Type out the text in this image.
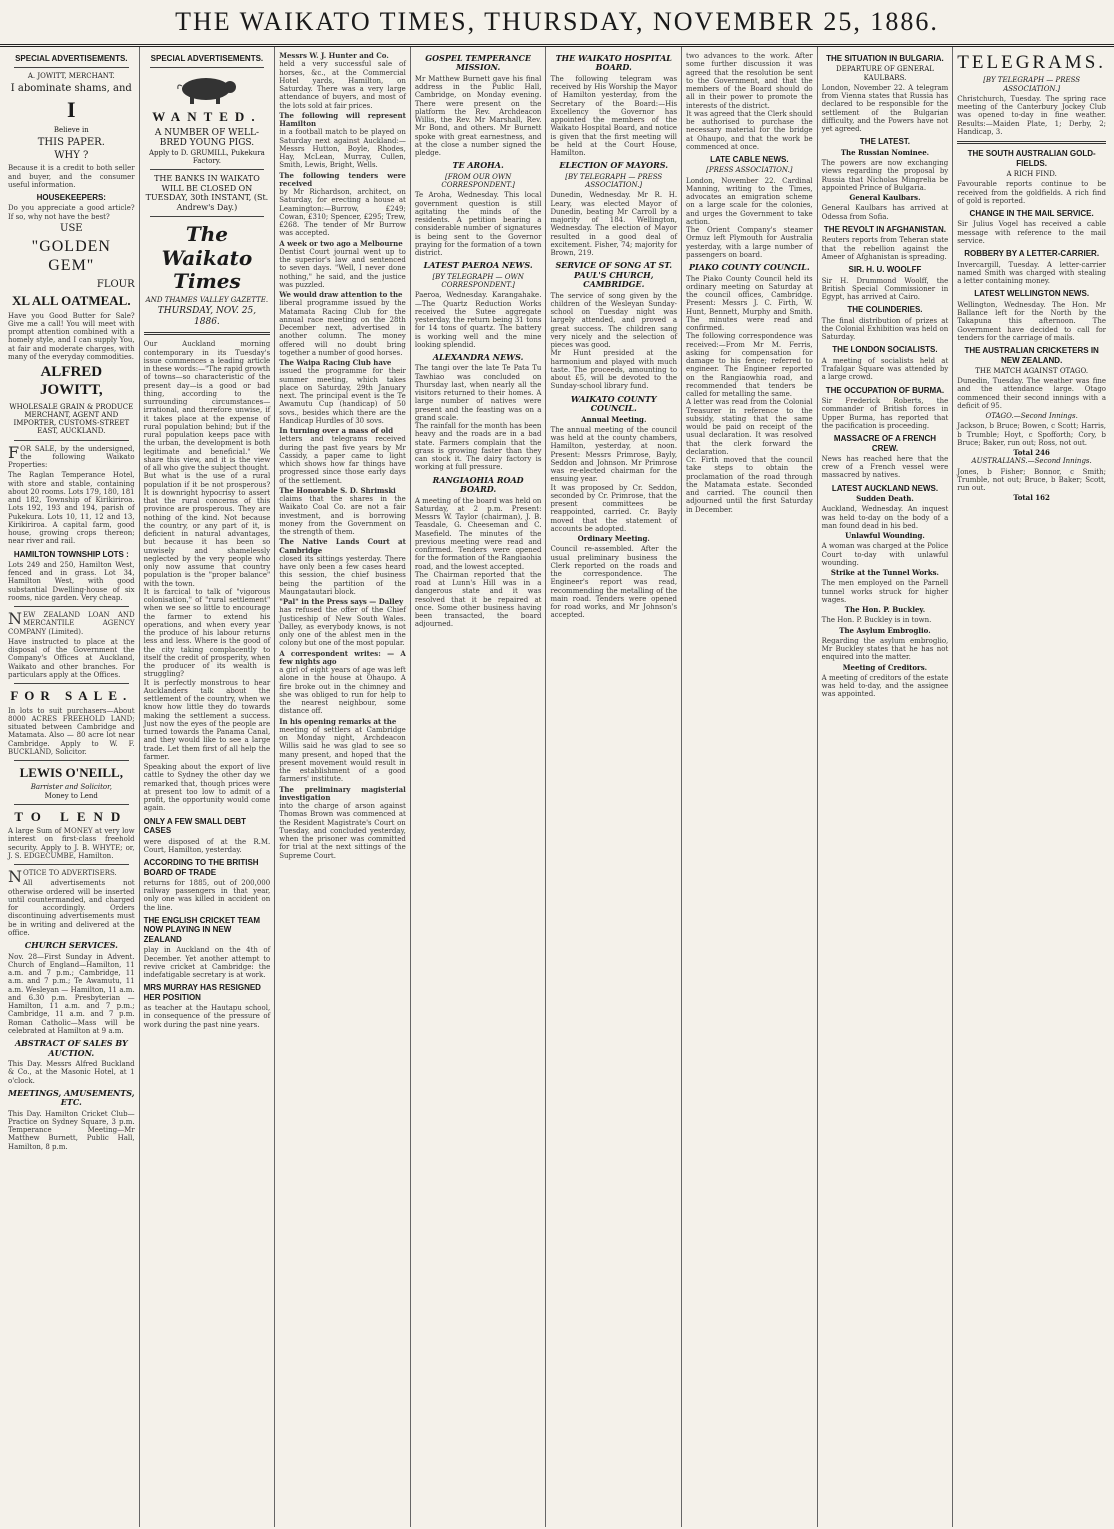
THE WAIKATO TIMES, THURSDAY, NOVEMBER 25, 1886.
SPECIAL ADVERTISEMENTS.
A. JOWITT, MERCHANT.
I abominate shams, and
I
Believe in
THIS PAPER.
WHY ?
Because it is a credit to both seller and buyer, and the consumer useful information.
HOUSEKEEPERS:
Do you appreciate a good article? If so, why not have the best?
USE
"GOLDEN GEM"
FLOUR
XL ALL OATMEAL.
Have you Good Butter for Sale? Give me a call! You will meet with prompt attention combined with a homely style, and I can supply You, at fair and moderate charges, with many of the everyday commodities.
ALFRED JOWITT,
WHOLESALE GRAIN & PRODUCE MERCHANT, AGENT AND IMPORTER, CUSTOMS-STREET EAST, AUCKLAND.
FOR SALE, by the undersigned, the following Waikato Properties:
The Raglan Temperance Hotel, with store and stable, containing about 20 rooms. Lots 179, 180, 181 and 182, Township of Kirikiriroa. Lots 192, 193 and 194, parish of Pukekura. Lots 10, 11, 12 and 13, Kirikiriroa. A capital farm, good house, growing crops thereon; near river and rail.
HAMILTON TOWNSHIP LOTS :
Lots 249 and 250, Hamilton West, fenced and in grass. Lot 34, Hamilton West, with good substantial Dwelling-house of six rooms, nice garden. Very cheap.
NEW ZEALAND LOAN AND MERCANTILE AGENCY COMPANY (Limited).
Have instructed to place at the disposal of the Government the Company's Offices at Auckland, Waikato and other branches. For particulars apply at the Offices.
FOR SALE.
In lots to suit purchasers—About 8000 ACRES FREEHOLD LAND; situated between Cambridge and Matamata. Also — 80 acre lot near Cambridge. Apply to W. F. BUCKLAND, Solicitor.
LEWIS O'NEILL,
Barrister and Solicitor,
Money to Lend
TO LEND
A large Sum of MONEY at very low interest on first-class freehold security. Apply to J. B. WHYTE; or, J. S. EDGECUMBE, Hamilton.
NOTICE TO ADVERTISERS.
All advertisements not otherwise ordered will be inserted until countermanded, and charged for accordingly. Orders discontinuing advertisements must be in writing and delivered at the office.
CHURCH SERVICES.
Nov. 28—First Sunday in Advent. Church of England—Hamilton, 11 a.m. and 7 p.m.; Cambridge, 11 a.m. and 7 p.m.; Te Awamutu, 11 a.m. Wesleyan — Hamilton, 11 a.m. and 6.30 p.m. Presbyterian — Hamilton, 11 a.m. and 7 p.m.; Cambridge, 11 a.m. and 7 p.m. Roman Catholic—Mass will be celebrated at Hamilton at 9 a.m.
ABSTRACT OF SALES BY AUCTION.
This Day. Messrs Alfred Buckland & Co., at the Masonic Hotel, at 1 o'clock.
MEETINGS, AMUSEMENTS, ETC.
This Day. Hamilton Cricket Club—Practice on Sydney Square, 3 p.m. Temperance Meeting—Mr Matthew Burnett, Public Hall, Hamilton, 8 p.m.
SPECIAL ADVERTISEMENTS.
WANTED.
A NUMBER OF WELL-BRED YOUNG PIGS.
Apply to D. GRUMILL, Pukekura Factory.
THE BANKS IN WAIKATO WILL BE CLOSED ON TUESDAY, 30th INSTANT, (St. Andrew's Day.)
The Waikato Times
AND THAMES VALLEY GAZETTE.
THURSDAY, NOV. 25, 1886.
Our Auckland morning contemporary in its Tuesday's issue commences a leading article in these words:—"The rapid growth of towns—so characteristic of the present day—is a good or bad thing, according to the surrounding circumstances—irrational, and therefore unwise, if it takes place at the expense of rural population behind; but if the rural population keeps pace with the urban, the development is both legitimate and beneficial." We share this view, and it is the view of all who give the subject thought.
But what is the use of a rural population if it be not prosperous? It is downright hypocrisy to assert that the rural concerns of this province are prosperous. They are nothing of the kind. Not because the country, or any part of it, is deficient in natural advantages, but because it has been so unwisely and shamelessly neglected by the very people who only now assume that country population is the "proper balance" with the town.
It is farcical to talk of "vigorous colonisation," of "rural settlement" when we see so little to encourage the farmer to extend his operations, and when every year the produce of his labour returns less and less. Where is the good of the city taking complacently to itself the credit of prosperity, when the producer of its wealth is struggling?
It is perfectly monstrous to hear Aucklanders talk about the settlement of the country, when we know how little they do towards making the settlement a success. Just now the eyes of the people are turned towards the Panama Canal, and they would like to see a large trade. Let them first of all help the farmer.
Speaking about the export of live cattle to Sydney the other day we remarked that, though prices were at present too low to admit of a profit, the opportunity would come again.
ONLY A FEW SMALL DEBT CASES
were disposed of at the R.M. Court, Hamilton, yesterday.
ACCORDING TO THE BRITISH BOARD OF TRADE
returns for 1885, out of 200,000 railway passengers in that year, only one was killed in accident on the line.
THE ENGLISH CRICKET TEAM NOW PLAYING IN NEW ZEALAND
play in Auckland on the 4th of December. Yet another attempt to revive cricket at Cambridge: the indefatigable secretary is at work.
MRS MURRAY HAS RESIGNED HER POSITION
as teacher at the Hautapu school, in consequence of the pressure of work during the past nine years.
Messrs W. J. Hunter and Co.
held a very successful sale of horses, &c., at the Commercial Hotel yards, Hamilton, on Saturday. There was a very large attendance of buyers, and most of the lots sold at fair prices.
The following will represent Hamilton
in a football match to be played on Saturday next against Auckland:—Messrs Hutton, Boyle, Rhodes, Hay, McLean, Murray, Cullen, Smith, Lewis, Bright, Wells.
The following tenders were received
by Mr Richardson, architect, on Saturday, for erecting a house at Leamington:—Burrow, £249; Cowan, £310; Spencer, £295; Trew, £268. The tender of Mr Burrow was accepted.
A week or two ago a Melbourne
Dentist Court journal went up to the superior's law and sentenced to seven days. "Well, I never done nothing," he said, and the justice was puzzled.
We would draw attention to the
liberal programme issued by the Matamata Racing Club for the annual race meeting on the 28th December next, advertised in another column. The money offered will no doubt bring together a number of good horses.
The Waipa Racing Club have
issued the programme for their summer meeting, which takes place on Saturday, 29th January next. The principal event is the Te Awamutu Cup (handicap) of 50 sovs., besides which there are the Handicap Hurdles of 30 sovs.
In turning over a mass of old
letters and telegrams received during the past five years by Mr Cassidy, a paper came to light which shows how far things have progressed since those early days of the settlement.
The Honorable S. D. Shrimski
claims that the shares in the Waikato Coal Co. are not a fair investment, and is borrowing money from the Government on the strength of them.
The Native Lands Court at Cambridge
closed its sittings yesterday. There have only been a few cases heard this session, the chief business being the partition of the Maungatautari block.
"Pal" in the Press says — Dalley
has refused the offer of the Chief Justiceship of New South Wales. Dalley, as everybody knows, is not only one of the ablest men in the colony but one of the most popular.
A correspondent writes: — A few nights ago
a girl of eight years of age was left alone in the house at Ohaupo. A fire broke out in the chimney and she was obliged to run for help to the nearest neighbour, some distance off.
In his opening remarks at the
meeting of settlers at Cambridge on Monday night, Archdeacon Willis said he was glad to see so many present, and hoped that the present movement would result in the establishment of a good farmers' institute.
The preliminary magisterial investigation
into the charge of arson against Thomas Brown was commenced at the Resident Magistrate's Court on Tuesday, and concluded yesterday, when the prisoner was committed for trial at the next sittings of the Supreme Court.
GOSPEL TEMPERANCE MISSION.
Mr Matthew Burnett gave his final address in the Public Hall, Cambridge, on Monday evening. There were present on the platform the Rev. Archdeacon Willis, the Rev. Mr Marshall, Rev. Mr Bond, and others. Mr Burnett spoke with great earnestness, and at the close a number signed the pledge.
TE AROHA.
[FROM OUR OWN CORRESPONDENT.]
Te Aroha, Wednesday. This local government question is still agitating the minds of the residents. A petition bearing a considerable number of signatures is being sent to the Governor praying for the formation of a town district.
LATEST PAEROA NEWS.
[BY TELEGRAPH — OWN CORRESPONDENT.]
Paeroa, Wednesday. Karangahake.—The Quartz Reduction Works received the Sutee aggregate yesterday, the return being 31 tons for 14 tons of quartz. The battery is working well and the mine looking splendid.
ALEXANDRA NEWS.
The tangi over the late Te Pata Tu Tawhiao was concluded on Thursday last, when nearly all the visitors returned to their homes. A large number of natives were present and the feasting was on a grand scale.
The rainfall for the month has been heavy and the roads are in a bad state. Farmers complain that the grass is growing faster than they can stock it. The dairy factory is working at full pressure.
RANGIAOHIA ROAD BOARD.
A meeting of the board was held on Saturday, at 2 p.m. Present: Messrs W. Taylor (chairman), J. B. Teasdale, G. Cheeseman and C. Masefield. The minutes of the previous meeting were read and confirmed. Tenders were opened for the formation of the Rangiaohia road, and the lowest accepted.
The Chairman reported that the road at Lunn's Hill was in a dangerous state and it was resolved that it be repaired at once. Some other business having been transacted, the board adjourned.
THE WAIKATO HOSPITAL BOARD.
The following telegram was received by His Worship the Mayor of Hamilton yesterday, from the Secretary of the Board:—His Excellency the Governor has appointed the members of the Waikato Hospital Board, and notice is given that the first meeting will be held at the Court House, Hamilton.
ELECTION OF MAYORS.
[BY TELEGRAPH — PRESS ASSOCIATION.]
Dunedin, Wednesday. Mr R. H. Leary, was elected Mayor of Dunedin, beating Mr Carroll by a majority of 184. Wellington, Wednesday. The election of Mayor resulted in a good deal of excitement. Fisher, 74; majority for Brown, 219.
SERVICE OF SONG AT ST. PAUL'S CHURCH, CAMBRIDGE.
The service of song given by the children of the Wesleyan Sunday-school on Tuesday night was largely attended, and proved a great success. The children sang very nicely and the selection of pieces was good.
Mr Hunt presided at the harmonium and played with much taste. The proceeds, amounting to about £5, will be devoted to the Sunday-school library fund.
WAIKATO COUNTY COUNCIL.
Annual Meeting.
The annual meeting of the council was held at the county chambers, Hamilton, yesterday, at noon. Present: Messrs Primrose, Bayly, Seddon and Johnson. Mr Primrose was re-elected chairman for the ensuing year.
It was proposed by Cr. Seddon, seconded by Cr. Primrose, that the present committees be reappointed, carried. Cr. Bayly moved that the statement of accounts be adopted.
Ordinary Meeting.
Council re-assembled. After the usual preliminary business the Clerk reported on the roads and the correspondence. The Engineer's report was read, recommending the metalling of the main road. Tenders were opened for road works, and Mr Johnson's accepted.
two advances to the work. After some further discussion it was agreed that the resolution be sent to the Government, and that the members of the Board should do all in their power to promote the interests of the district.
It was agreed that the Clerk should be authorised to purchase the necessary material for the bridge at Ohaupo, and that the work be commenced at once.
LATE CABLE NEWS.
[PRESS ASSOCIATION.]
London, November 22. Cardinal Manning, writing to the Times, advocates an emigration scheme on a large scale for the colonies, and urges the Government to take action.
The Orient Company's steamer Ormuz left Plymouth for Australia yesterday, with a large number of passengers on board.
PIAKO COUNTY COUNCIL.
The Piako County Council held its ordinary meeting on Saturday at the council offices, Cambridge. Present: Messrs J. C. Firth, W. Hunt, Bennett, Murphy and Smith. The minutes were read and confirmed.
The following correspondence was received:—From Mr M. Ferris, asking for compensation for damage to his fence; referred to engineer. The Engineer reported on the Rangiaowhia road, and recommended that tenders be called for metalling the same.
A letter was read from the Colonial Treasurer in reference to the subsidy, stating that the same would be paid on receipt of the usual declaration. It was resolved that the clerk forward the declaration.
Cr. Firth moved that the council take steps to obtain the proclamation of the road through the Matamata estate. Seconded and carried. The council then adjourned until the first Saturday in December.
THE SITUATION IN BULGARIA.
DEPARTURE OF GENERAL KAULBARS.
London, November 22. A telegram from Vienna states that Russia has declared to be responsible for the settlement of the Bulgarian difficulty, and the Powers have not yet agreed.
THE LATEST.
The Russian Nominee.
The powers are now exchanging views regarding the proposal by Russia that Nicholas Mingrelia be appointed Prince of Bulgaria.
General Kaulbars.
General Kaulbars has arrived at Odessa from Sofia.
THE REVOLT IN AFGHANISTAN.
Reuters reports from Teheran state that the rebellion against the Ameer of Afghanistan is spreading.
SIR. H. U. WOOLFF
Sir H. Drummond Woolff, the British Special Commissioner in Egypt, has arrived at Cairo.
THE COLINDERIES.
The final distribution of prizes at the Colonial Exhibition was held on Saturday.
THE LONDON SOCIALISTS.
A meeting of socialists held at Trafalgar Square was attended by a large crowd.
THE OCCUPATION OF BURMA.
Sir Frederick Roberts, the commander of British forces in Upper Burma, has reported that the pacification is proceeding.
MASSACRE OF A FRENCH CREW.
News has reached here that the crew of a French vessel were massacred by natives.
LATEST AUCKLAND NEWS.
Sudden Death.
Auckland, Wednesday. An inquest was held to-day on the body of a man found dead in his bed.
Unlawful Wounding.
A woman was charged at the Police Court to-day with unlawful wounding.
Strike at the Tunnel Works.
The men employed on the Parnell tunnel works struck for higher wages.
The Hon. P. Buckley.
The Hon. P. Buckley is in town.
The Asylum Embroglio.
Regarding the asylum embroglio, Mr Buckley states that he has not enquired into the matter.
Meeting of Creditors.
A meeting of creditors of the estate was held to-day, and the assignee was appointed.
TELEGRAMS.
[BY TELEGRAPH — PRESS ASSOCIATION.]
Christchurch, Tuesday. The spring race meeting of the Canterbury Jockey Club was opened to-day in fine weather. Results:—Maiden Plate, 1; Derby, 2; Handicap, 3.
THE SOUTH AUSTRALIAN GOLD-FIELDS.
A RICH FIND.
Favourable reports continue to be received from the goldfields. A rich find of gold is reported.
CHANGE IN THE MAIL SERVICE.
Sir Julius Vogel has received a cable message with reference to the mail service.
ROBBERY BY A LETTER-CARRIER.
Invercargill, Tuesday. A letter-carrier named Smith was charged with stealing a letter containing money.
LATEST WELLINGTON NEWS.
Wellington, Wednesday. The Hon. Mr Ballance left for the North by the Takapuna this afternoon. The Government have decided to call for tenders for the carriage of mails.
THE AUSTRALIAN CRICKETERS IN NEW ZEALAND.
THE MATCH AGAINST OTAGO.
Dunedin, Tuesday. The weather was fine and the attendance large. Otago commenced their second innings with a deficit of 95.
OTAGO.—Second Innings.
Jackson, b Bruce; Bowen, c Scott; Harris, b Trumble; Hoyt, c Spofforth; Cory, b Bruce; Baker, run out; Ross, not out.
Total 246
AUSTRALIANS.—Second Innings.
Jones, b Fisher; Bonnor, c Smith; Trumble, not out; Bruce, b Baker; Scott, run out.
Total 162
